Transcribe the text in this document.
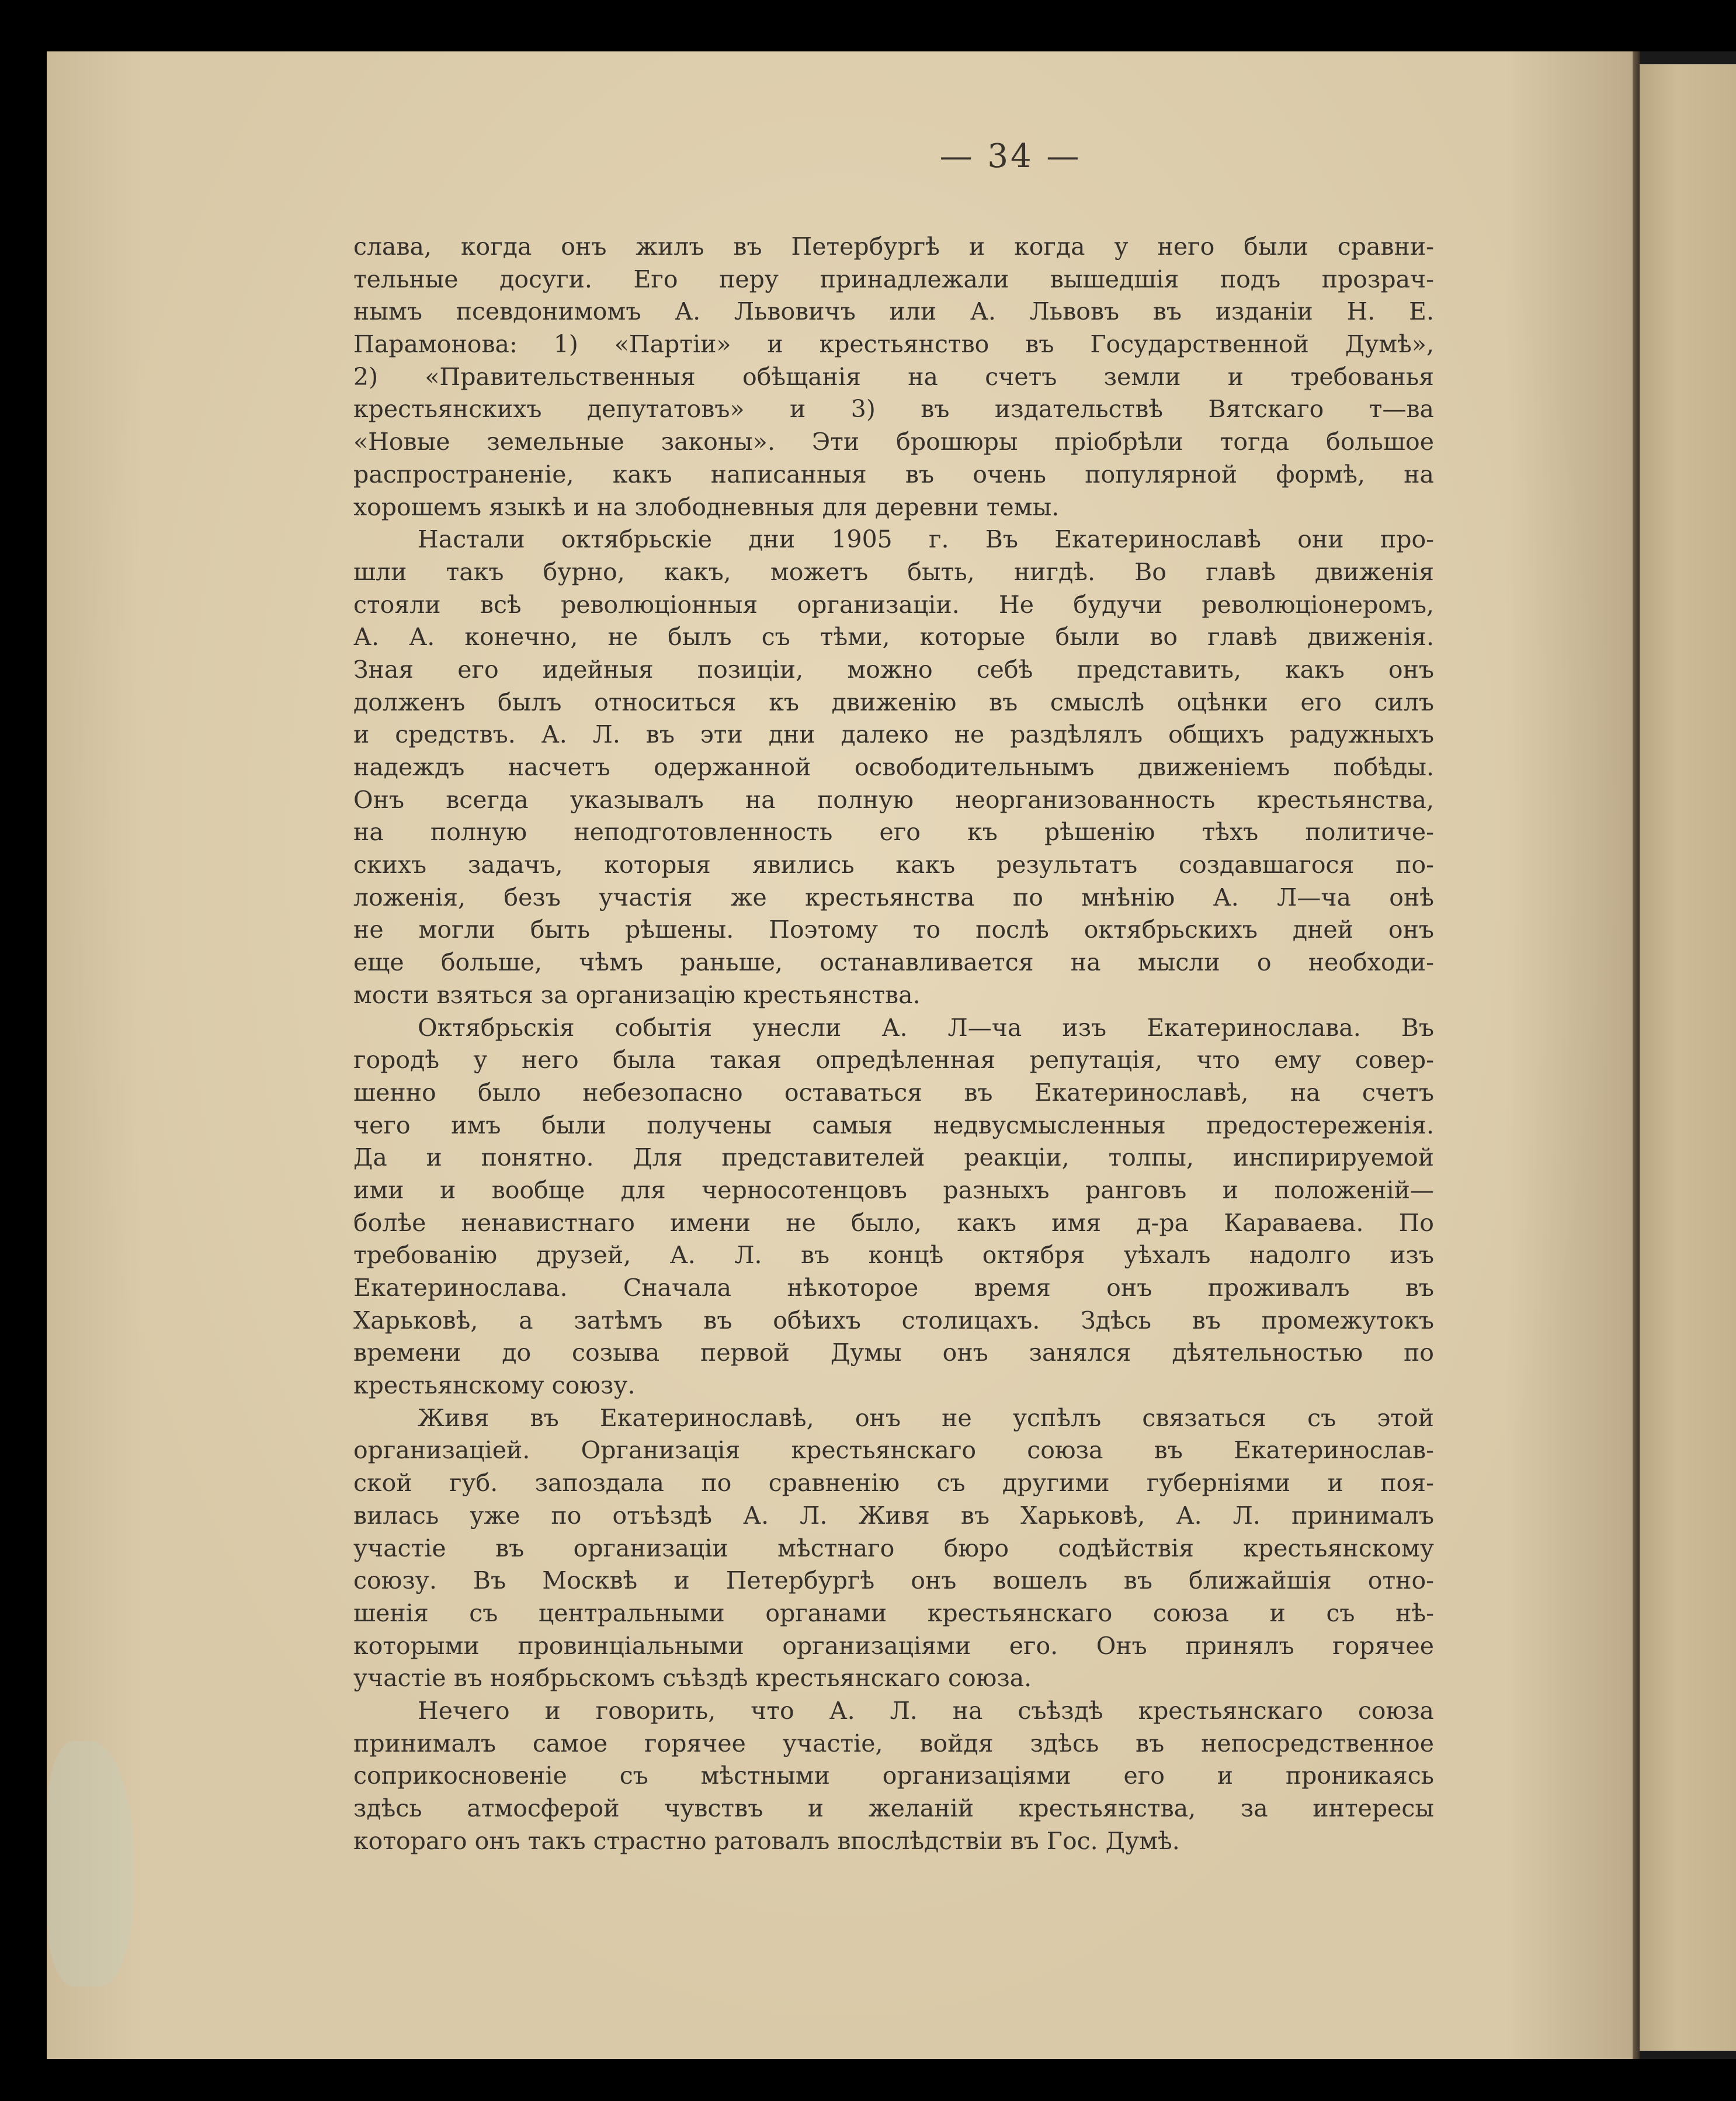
— 34 —
слава, когда онъ жилъ въ Петербургѣ и когда у него были сравни-
тельные досуги. Его перу принадлежали вышедшія подъ прозрач-
нымъ псевдонимомъ А. Львовичъ или А. Львовъ въ изданіи Н. Е.
Парамонова: 1) «Партіи» и крестьянство въ Государственной Думѣ»,
2) «Правительственныя обѣщанія на счетъ земли и требованья
крестьянскихъ депутатовъ» и 3) въ издательствѣ Вятскаго т—ва
«Новые земельные законы». Эти брошюры пріобрѣли тогда большое
распространеніе, какъ написанныя въ очень популярной формѣ, на
хорошемъ языкѣ и на злободневныя для деревни темы.
Настали октябрьскіе дни 1905 г. Въ Екатеринославѣ они про-
шли такъ бурно, какъ, можетъ быть, нигдѣ. Во главѣ движенія
стояли всѣ революціонныя организаціи. Не будучи революціонеромъ,
А. А. конечно, не былъ съ тѣми, которые были во главѣ движенія.
Зная его идейныя позиціи, можно себѣ представить, какъ онъ
долженъ былъ относиться къ движенію въ смыслѣ оцѣнки его силъ
и средствъ. А. Л. въ эти дни далеко не раздѣлялъ общихъ радужныхъ
надеждъ насчетъ одержанной освободительнымъ движеніемъ побѣды.
Онъ всегда указывалъ на полную неорганизованность крестьянства,
на полную неподготовленность его къ рѣшенію тѣхъ политиче-
скихъ задачъ, которыя явились какъ результатъ создавшагося по-
ложенія, безъ участія же крестьянства по мнѣнію А. Л—ча онѣ
не могли быть рѣшены. Поэтому то послѣ октябрьскихъ дней онъ
еще больше, чѣмъ раньше, останавливается на мысли о необходи-
мости взяться за организацію крестьянства.
Октябрьскія событія унесли А. Л—ча изъ Екатеринослава. Въ
городѣ у него была такая опредѣленная репутація, что ему совер-
шенно было небезопасно оставаться въ Екатеринославѣ, на счетъ
чего имъ были получены самыя недвусмысленныя предостереженія.
Да и понятно. Для представителей реакціи, толпы, инспирируемой
ими и вообще для черносотенцовъ разныхъ ранговъ и положеній—
болѣе ненавистнаго имени не было, какъ имя д-ра Караваева. По
требованію друзей, А. Л. въ концѣ октября уѣхалъ надолго изъ
Екатеринослава. Сначала нѣкоторое время онъ проживалъ въ
Харьковѣ, а затѣмъ въ обѣихъ столицахъ. Здѣсь въ промежутокъ
времени до созыва первой Думы онъ занялся дѣятельностью по
крестьянскому союзу.
Живя въ Екатеринославѣ, онъ не успѣлъ связаться съ этой
организаціей. Организація крестьянскаго союза въ Екатеринослав-
ской губ. запоздала по сравненію съ другими губерніями и поя-
вилась уже по отъѣздѣ А. Л. Живя въ Харьковѣ, А. Л. принималъ
участіе въ организаціи мѣстнаго бюро содѣйствія крестьянскому
союзу. Въ Москвѣ и Петербургѣ онъ вошелъ въ ближайшія отно-
шенія съ центральными органами крестьянскаго союза и съ нѣ-
которыми провинціальными организаціями его. Онъ принялъ горячее
участіе въ ноябрьскомъ съѣздѣ крестьянскаго союза.
Нечего и говорить, что А. Л. на съѣздѣ крестьянскаго союза
принималъ самое горячее участіе, войдя здѣсь въ непосредственное
соприкосновеніе съ мѣстными организаціями его и проникаясь
здѣсь атмосферой чувствъ и желаній крестьянства, за интересы
котораго онъ такъ страстно ратовалъ впослѣдствіи въ Гос. Думѣ.
